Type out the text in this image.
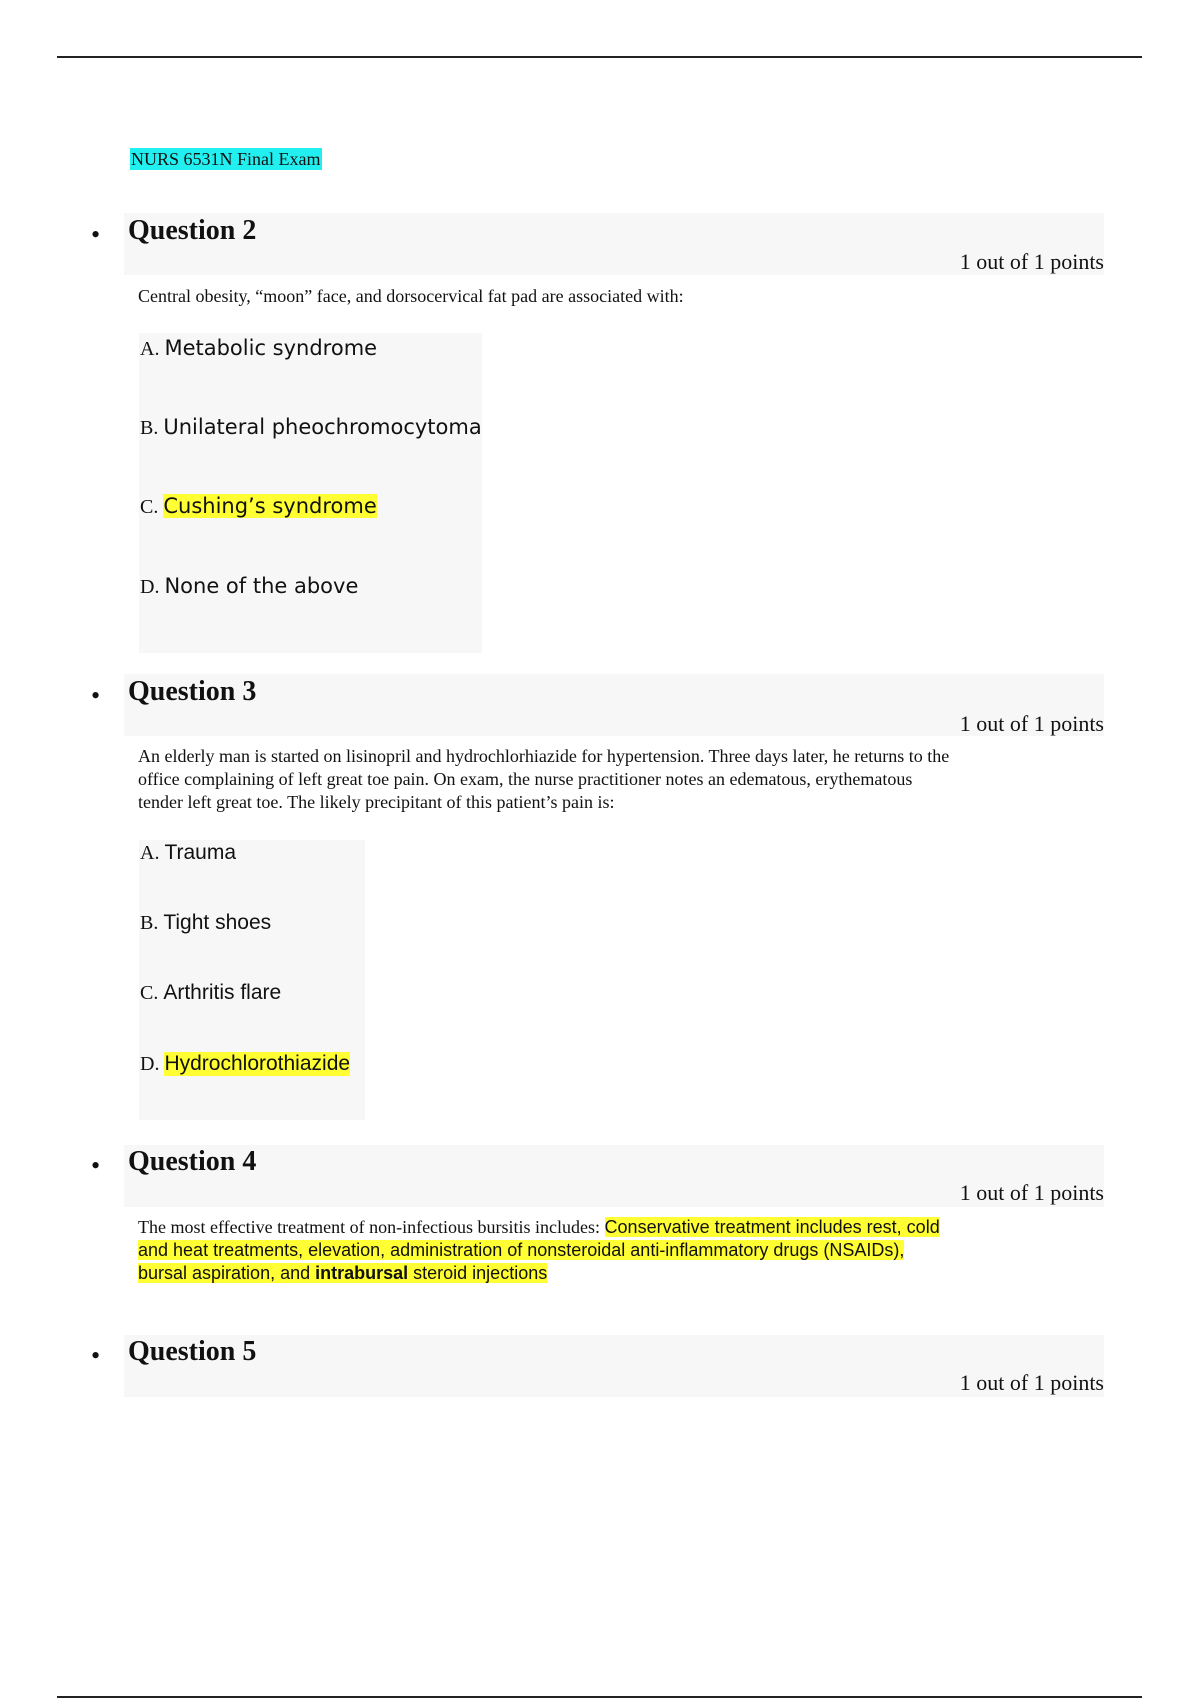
NURS 6531N Final Exam
• Question 2
1 out of 1 points
Central obesity, “moon” face, and dorsocervical fat pad are associated with:
A. Metabolic syndrome
B. Unilateral pheochromocytoma
C. Cushing’s syndrome
D. None of the above
• Question 3
1 out of 1 points
An elderly man is started on lisinopril and hydrochlorhiazide for hypertension. Three days later, he returns to the
office complaining of left great toe pain. On exam, the nurse practitioner notes an edematous, erythematous
tender left great toe. The likely precipitant of this patient’s pain is:
A. Trauma
B. Tight shoes
C. Arthritis flare
D. Hydrochlorothiazide
• Question 4
1 out of 1 points
The most effective treatment of non-infectious bursitis includes: Conservative treatment includes rest, cold
and heat treatments, elevation, administration of nonsteroidal anti-inflammatory drugs (NSAIDs),
bursal aspiration, and intrabursal steroid injections
• Question 5
1 out of 1 points
